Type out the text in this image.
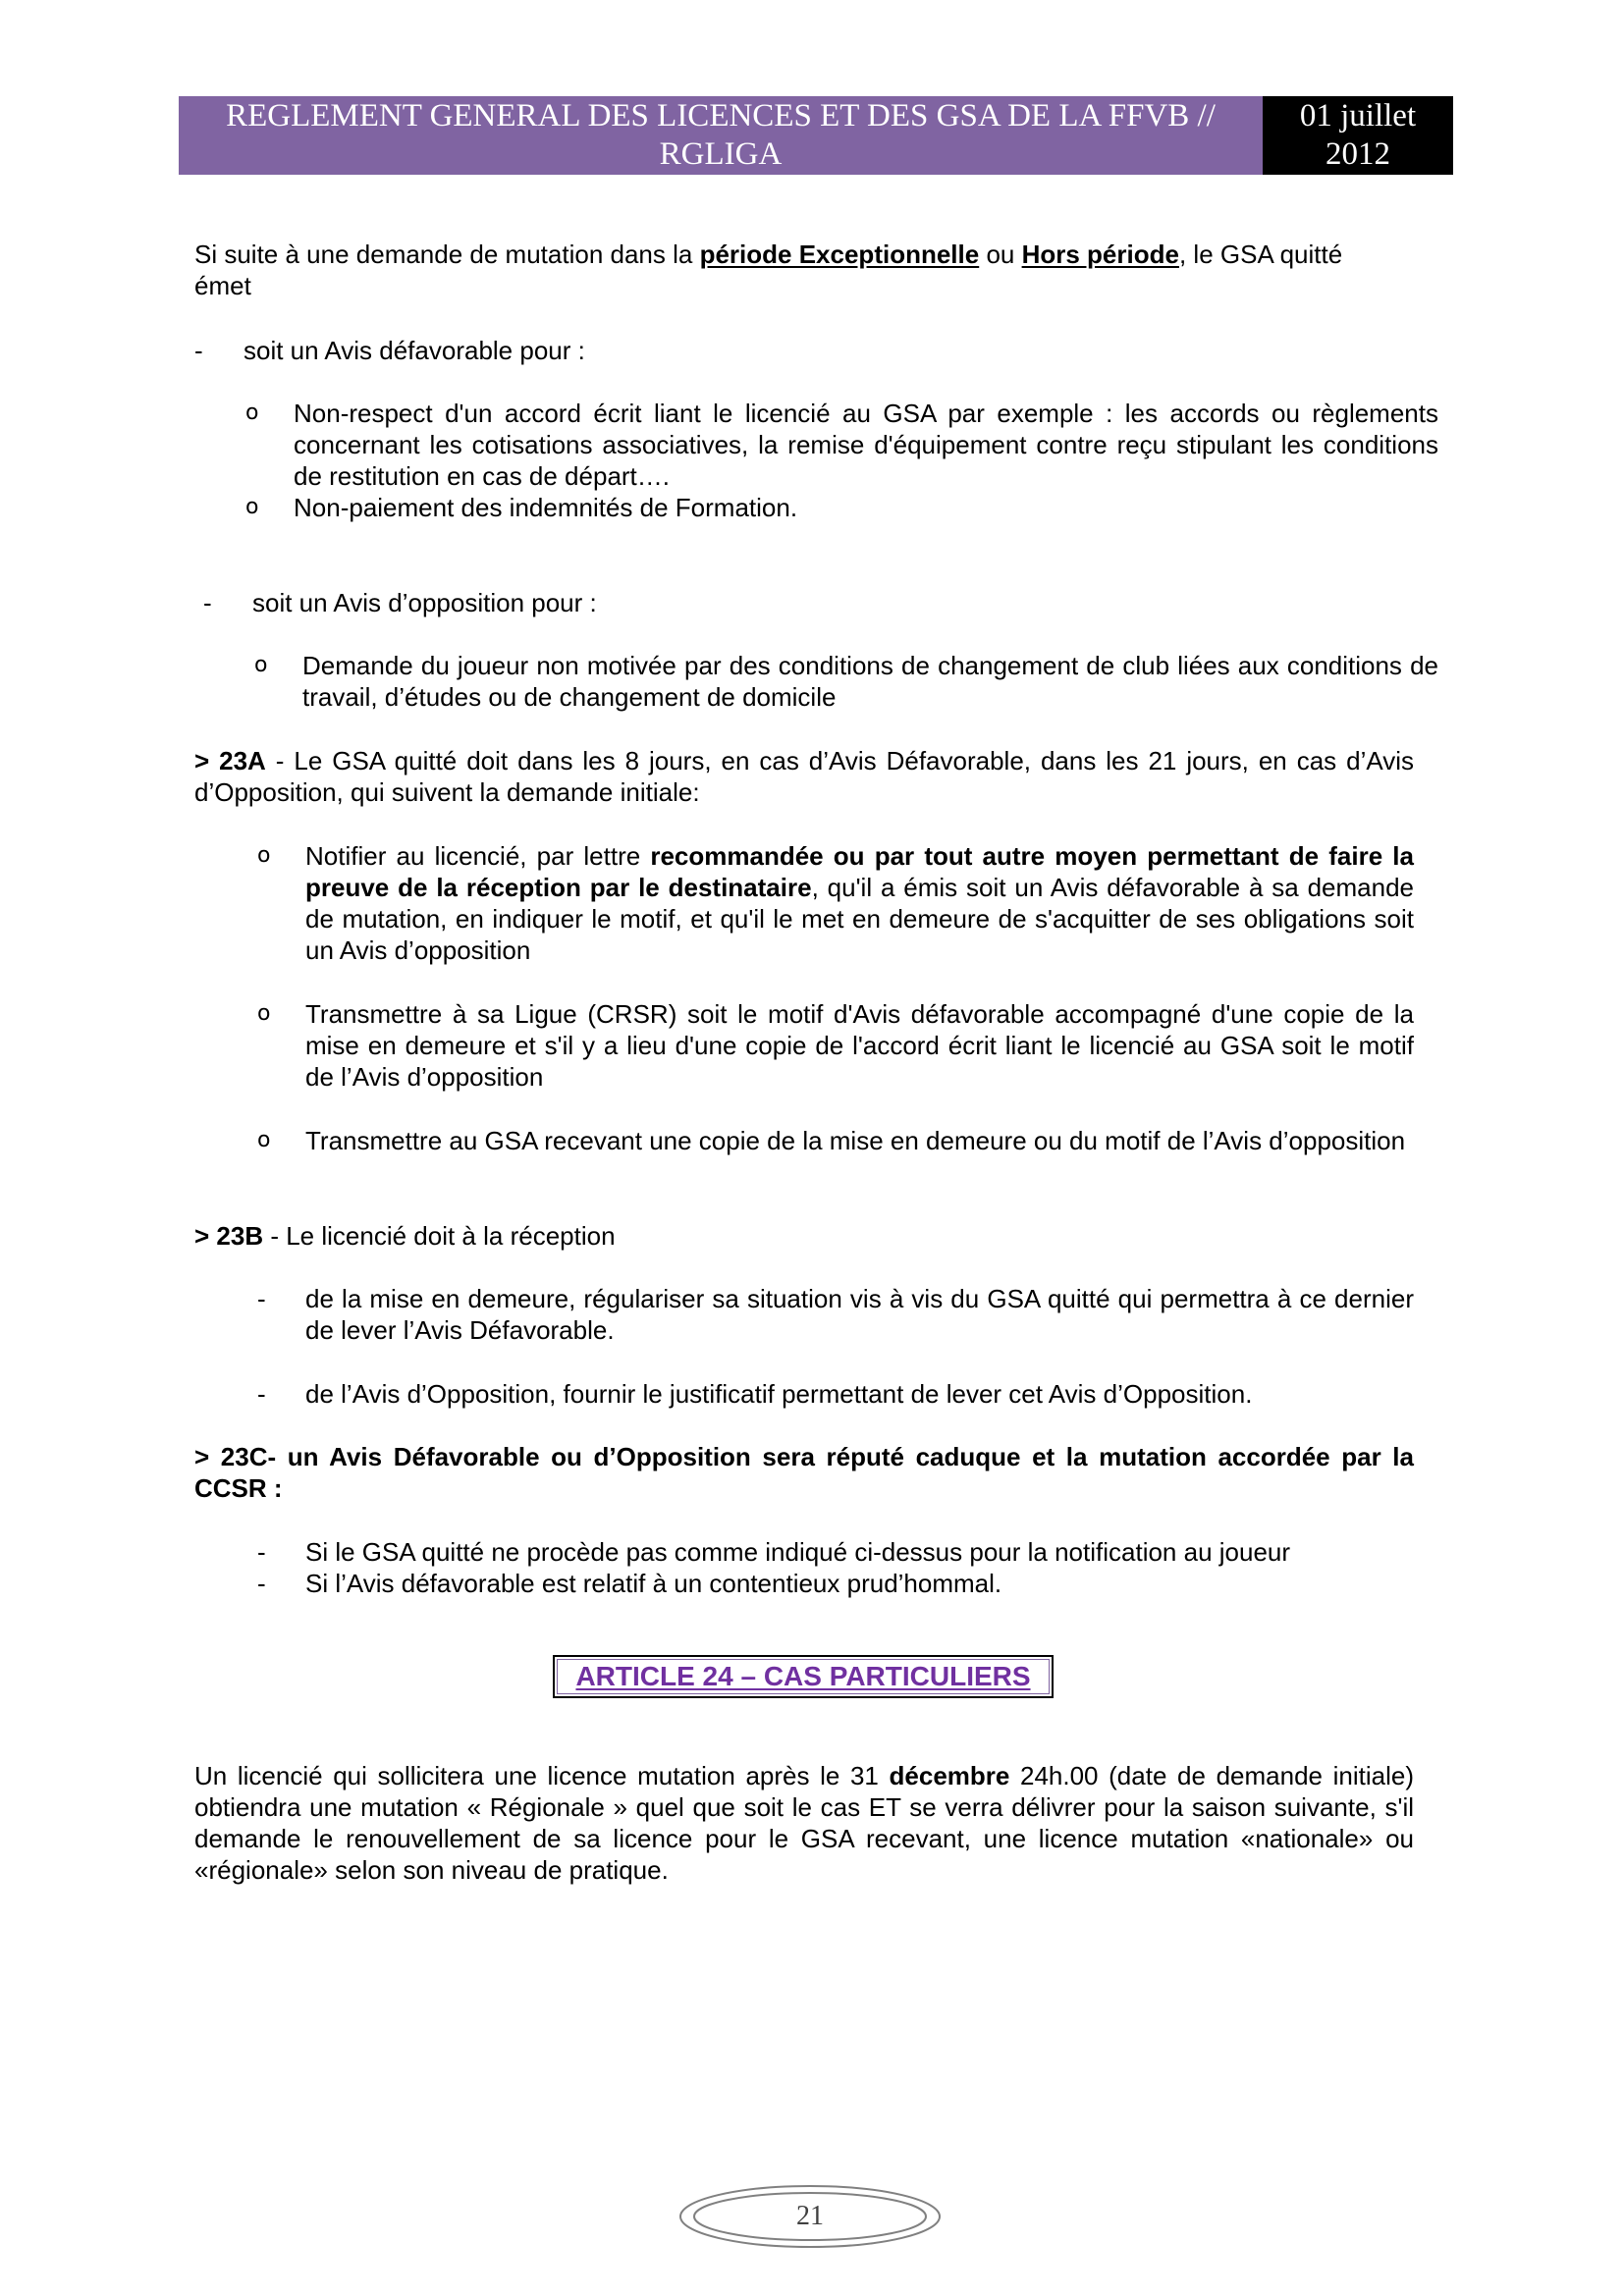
REGLEMENT GENERAL DES LICENCES ET DES GSA DE LA FFVB //
RGLIGA
01 juillet
2012
Si suite à une demande de mutation dans la période Exceptionnelle ou Hors période, le GSA quitté émet
- soit un Avis défavorable pour :
o Non-respect d'un accord écrit liant le licencié au GSA par exemple : les accords ou règlements concernant les cotisations associatives, la remise d'équipement contre reçu stipulant les conditions de restitution en cas de départ….
o Non-paiement des indemnités de Formation.
- soit un Avis d’opposition pour :
o Demande du joueur non motivée par des conditions de changement de club liées aux conditions de travail, d’études ou de changement de domicile
> 23A - Le GSA quitté doit dans les 8 jours, en cas d’Avis Défavorable, dans les 21 jours, en cas d’Avis d’Opposition, qui suivent la demande initiale:
o Notifier au licencié, par lettre recommandée ou par tout autre moyen permettant de faire la preuve de la réception par le destinataire, qu'il a émis soit un Avis défavorable à sa demande de mutation, en indiquer le motif, et qu'il le met en demeure de s'acquitter de ses obligations soit un Avis d’opposition
o Transmettre à sa Ligue (CRSR) soit le motif d'Avis défavorable accompagné d'une copie de la mise en demeure et s'il y a lieu d'une copie de l'accord écrit liant le licencié au GSA soit le motif de l’Avis d’opposition
o Transmettre au GSA recevant une copie de la mise en demeure ou du motif de l’Avis d’opposition
> 23B - Le licencié doit à la réception
- de la mise en demeure, régulariser sa situation vis à vis du GSA quitté qui permettra à ce dernier de lever l’Avis Défavorable.
- de l’Avis d’Opposition, fournir le justificatif permettant de lever cet Avis d’Opposition.
> 23C- un Avis Défavorable ou d’Opposition sera réputé caduque et la mutation accordée par la CCSR :
- Si le GSA quitté ne procède pas comme indiqué ci-dessus pour la notification au joueur
- Si l’Avis défavorable est relatif à un contentieux prud’hommal.
ARTICLE 24 – CAS PARTICULIERS
Un licencié qui sollicitera une licence mutation après le 31 décembre 24h.00 (date de demande initiale) obtiendra une mutation « Régionale » quel que soit le cas ET se verra délivrer pour la saison suivante, s'il demande le renouvellement de sa licence pour le GSA recevant, une licence mutation «nationale» ou «régionale» selon son niveau de pratique.
21
